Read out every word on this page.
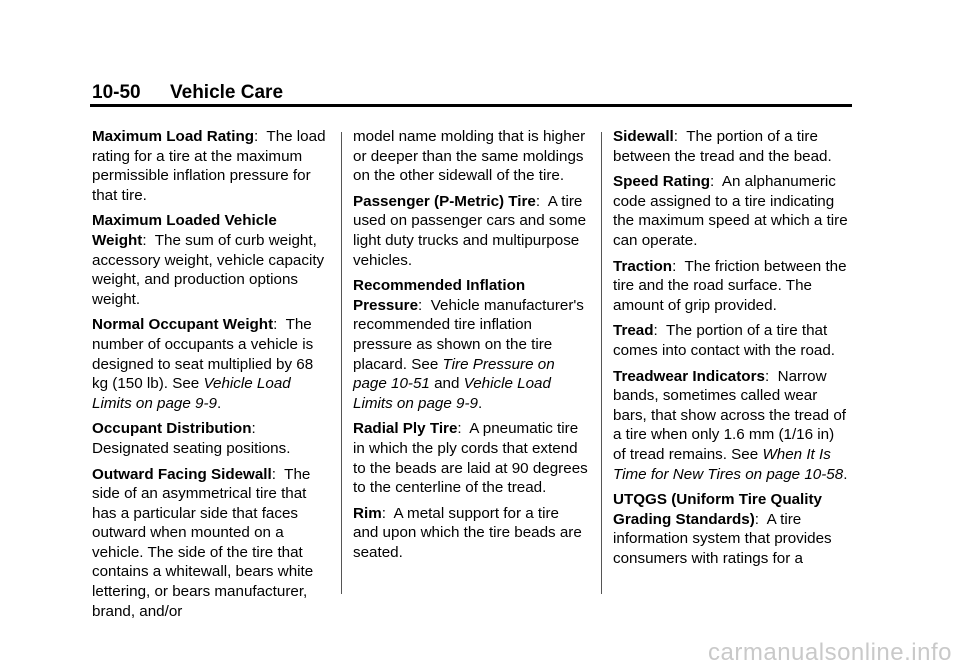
10-50 Vehicle Care

Maximum Load Rating: The load rating for a tire at the maximum permissible inflation pressure for that tire.

Maximum Loaded Vehicle Weight: The sum of curb weight, accessory weight, vehicle capacity weight, and production options weight.

Normal Occupant Weight: The number of occupants a vehicle is designed to seat multiplied by 68 kg (150 lb). See Vehicle Load Limits on page 9-9.

Occupant Distribution:
Designated seating positions.

Outward Facing Sidewall: The side of an asymmetrical tire that has a particular side that faces outward when mounted on a vehicle. The side of the tire that contains a whitewall, bears white lettering, or bears manufacturer, brand, and/or

model name molding that is higher or deeper than the same moldings on the other sidewall of the tire.

Passenger (P-Metric) Tire: A tire used on passenger cars and some light duty trucks and multipurpose vehicles.

Recommended Inflation Pressure: Vehicle manufacturer's recommended tire inflation pressure as shown on the tire placard. See Tire Pressure on page 10-51 and Vehicle Load Limits on page 9-9.

Radial Ply Tire: A pneumatic tire in which the ply cords that extend to the beads are laid at 90 degrees to the centerline of the tread.

Rim: A metal support for a tire and upon which the tire beads are seated.

Sidewall: The portion of a tire between the tread and the bead.

Speed Rating: An alphanumeric code assigned to a tire indicating the maximum speed at which a tire can operate.

Traction: The friction between the tire and the road surface. The amount of grip provided.

Tread: The portion of a tire that comes into contact with the road.

Treadwear Indicators: Narrow bands, sometimes called wear bars, that show across the tread of a tire when only 1.6 mm (1/16 in) of tread remains. See When It Is Time for New Tires on page 10-58.

UTQGS (Uniform Tire Quality Grading Standards): A tire information system that provides consumers with ratings for a

carmanualsonline.info
